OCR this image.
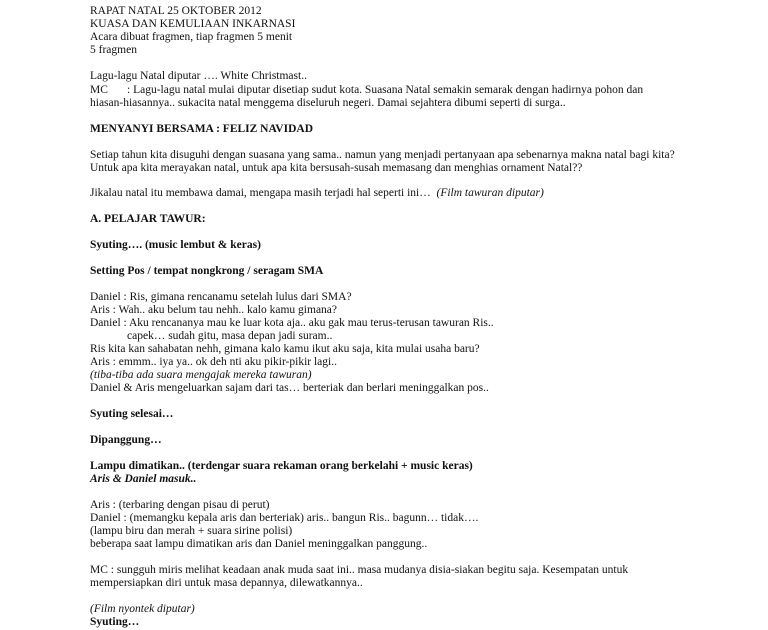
RAPAT NATAL 25 OKTOBER 2012
KUASA DAN KEMULIAAN INKARNASI
Acara dibuat fragmen, tiap fragmen 5 menit
5 fragmen
Lagu-lagu Natal diputar …. White Christmast..
MC : Lagu-lagu natal mulai diputar disetiap sudut kota. Suasana Natal semakin semarak dengan hadirnya pohon dan
hiasan-hiasannya.. sukacita natal menggema diseluruh negeri. Damai sejahtera dibumi seperti di surga..
MENYANYI BERSAMA : FELIZ NAVIDAD
Setiap tahun kita disuguhi dengan suasana yang sama.. namun yang menjadi pertanyaan apa sebenarnya makna natal bagi kita?
Untuk apa kita merayakan natal, untuk apa kita bersusah-susah memasang dan menghias ornament Natal??
Jikalau natal itu membawa damai, mengapa masih terjadi hal seperti ini… (Film tawuran diputar)
A. PELAJAR TAWUR:
Syuting…. (music lembut & keras)
Setting Pos / tempat nongkrong / seragam SMA
Daniel : Ris, gimana rencanamu setelah lulus dari SMA?
Aris : Wah.. aku belum tau nehh.. kalo kamu gimana?
Daniel : Aku rencananya mau ke luar kota aja.. aku gak mau terus-terusan tawuran Ris..
capek… sudah gitu, masa depan jadi suram..
Ris kita kan sahabatan nehh, gimana kalo kamu ikut aku saja, kita mulai usaha baru?
Aris : emmm.. iya ya.. ok deh nti aku pikir-pikir lagi..
(tiba-tiba ada suara mengajak mereka tawuran)
Daniel & Aris mengeluarkan sajam dari tas… berteriak dan berlari meninggalkan pos..
Syuting selesai…
Dipanggung…
Lampu dimatikan.. (terdengar suara rekaman orang berkelahi + music keras)
Aris & Daniel masuk..
Aris : (terbaring dengan pisau di perut)
Daniel : (memangku kepala aris dan berteriak) aris.. bangun Ris.. bagunn… tidak….
(lampu biru dan merah + suara sirine polisi)
beberapa saat lampu dimatikan aris dan Daniel meninggalkan panggung..
MC : sungguh miris melihat keadaan anak muda saat ini.. masa mudanya disia-siakan begitu saja. Kesempatan untuk
mempersiapkan diri untuk masa depannya, dilewatkannya..
(Film nyontek diputar)
Syuting…
